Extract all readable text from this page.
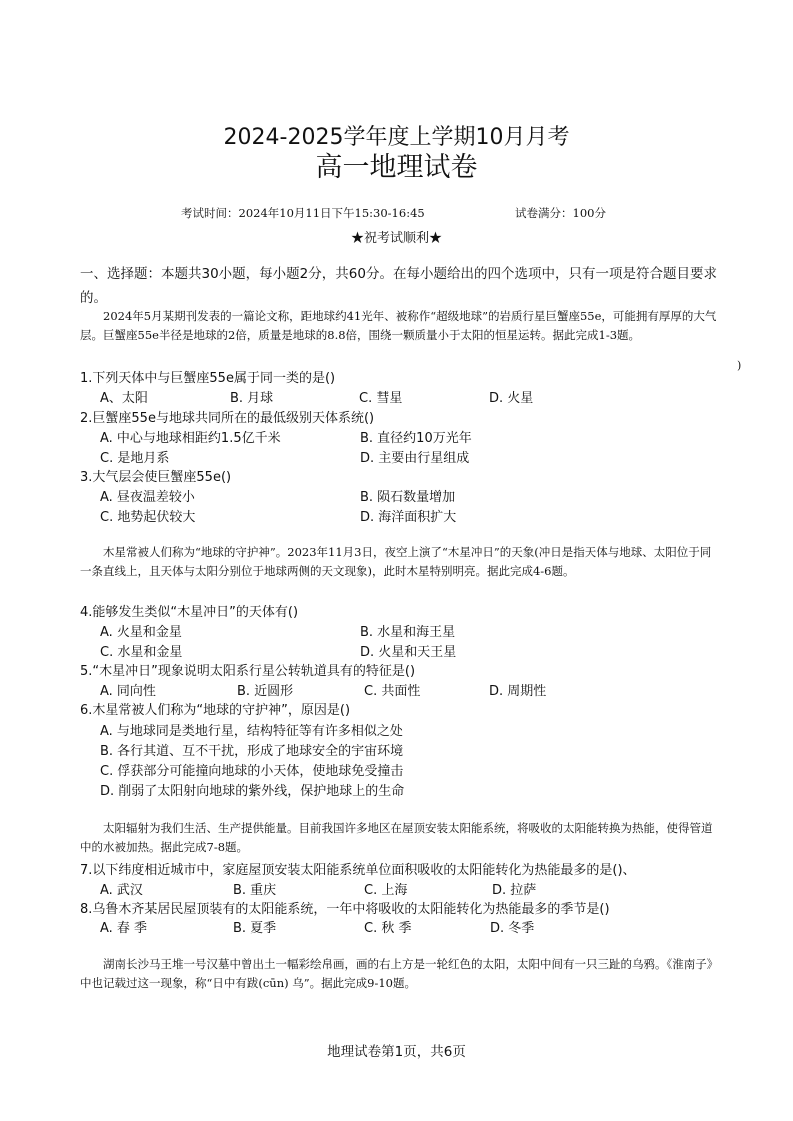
2024-2025学年度上学期10月月考
高一地理试卷
考试时间：2024年10月11日下午15:30-16:45	试卷满分：100分
★祝考试顺利★
一、选择题：本题共30小题，每小题2分，共60分。在每小题给出的四个选项中，只有一项是符合题目要求的。
2024年5月某期刊发表的一篇论文称，距地球约41光年、被称作“超级地球”的岩质行星巨蟹座55e，可能拥有厚厚的大气层。巨蟹座55e半径是地球的2倍，质量是地球的8.8倍，围绕一颗质量小于太阳的恒星运转。据此完成1-3题。
)
1.下列天体中与巨蟹座55e属于同一类的是()
A、太阳	B. 月球	C. 彗星	D. 火星
2.巨蟹座55e与地球共同所在的最低级别天体系统()
A. 中心与地球相距约1.5亿千米	B. 直径约10万光年
C. 是地月系	D. 主要由行星组成
3.大气层会使巨蟹座55e()
A. 昼夜温差较小	B. 陨石数量增加
C. 地势起伏较大	D. 海洋面积扩大
木星常被人们称为“地球的守护神”。2023年11月3日，夜空上演了“木星冲日”的天象(冲日是指天体与地球、太阳位于同一条直线上，且天体与太阳分别位于地球两侧的天文现象)，此时木星特别明亮。据此完成4-6题。
4.能够发生类似“木星冲日”的天体有()
A. 火星和金星	B. 水星和海王星
C. 水星和金星	D. 火星和天王星
5.“木星冲日”现象说明太阳系行星公转轨道具有的特征是()
A. 同向性	B. 近圆形	C. 共面性	D. 周期性
6.木星常被人们称为“地球的守护神”，原因是()
A. 与地球同是类地行星，结构特征等有许多相似之处
B. 各行其道、互不干扰，形成了地球安全的宇宙环境
C. 俘获部分可能撞向地球的小天体，使地球免受撞击
D. 削弱了太阳射向地球的紫外线，保护地球上的生命
太阳辐射为我们生活、生产提供能量。目前我国许多地区在屋顶安装太阳能系统，将吸收的太阳能转换为热能，使得管道中的水被加热。据此完成7-8题。
7.以下纬度相近城市中，家庭屋顶安装太阳能系统单位面积吸收的太阳能转化为热能最多的是()、
A. 武汉	B. 重庆	C. 上海	D. 拉萨
8.乌鲁木齐某居民屋顶装有的太阳能系统，一年中将吸收的太阳能转化为热能最多的季节是()
A. 春 季	B. 夏季	C. 秋 季	D. 冬季
湖南长沙马王堆一号汉墓中曾出土一幅彩绘帛画，画的右上方是一轮红色的太阳，太阳中间有一只三趾的乌鸦。《淮南子》中也记载过这一现象，称“日中有跋(cūn) 乌”。据此完成9-10题。
地理试卷第1页，共6页
